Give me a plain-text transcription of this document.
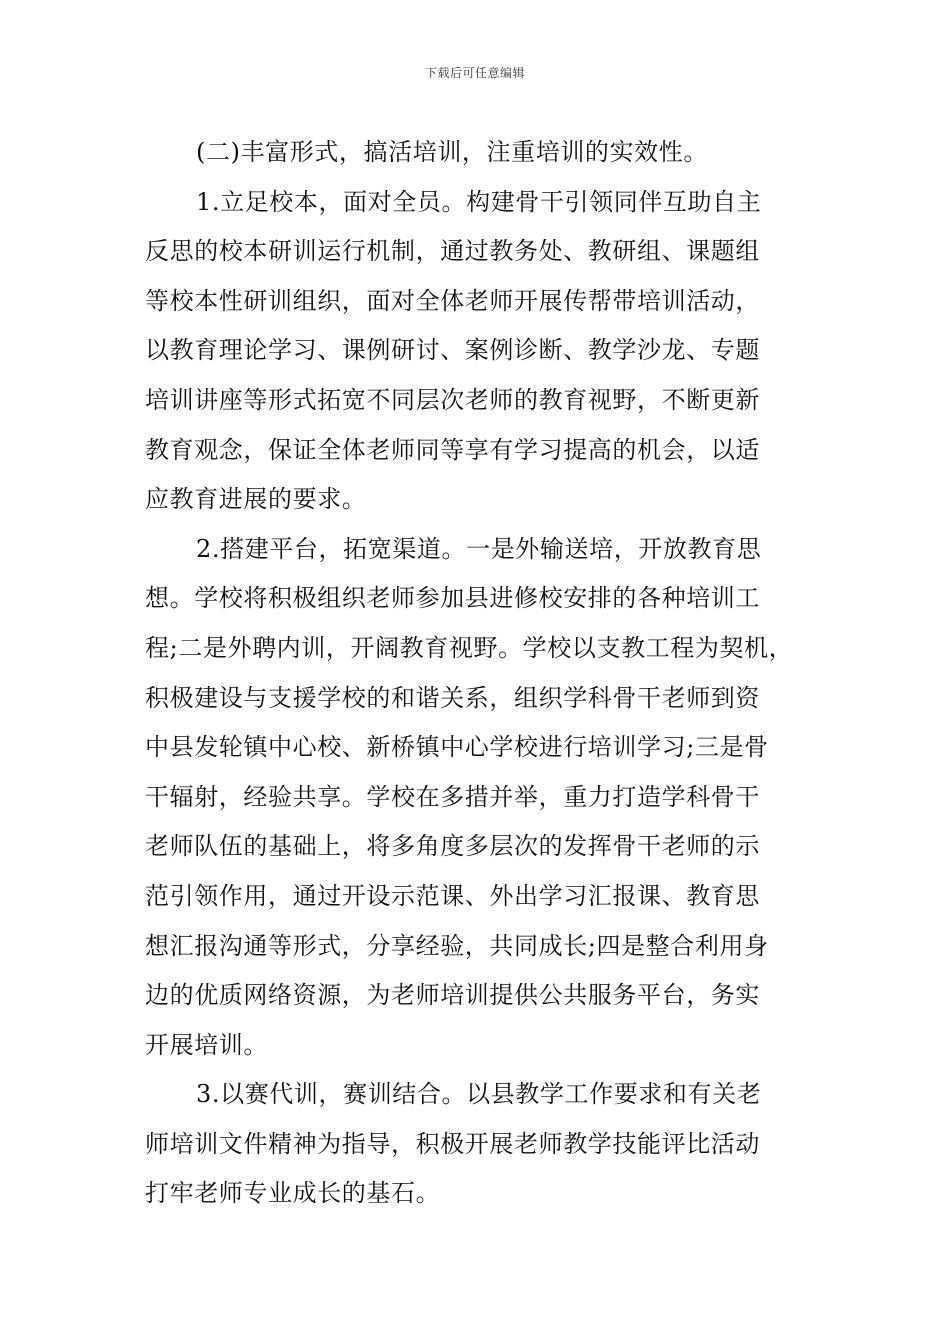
下载后可任意编辑
(二)丰富形式，搞活培训，注重培训的实效性。
1.立足校本，面对全员。构建骨干引领同伴互助自主
反思的校本研训运行机制，通过教务处、教研组、课题组
等校本性研训组织，面对全体老师开展传帮带培训活动，
以教育理论学习、课例研讨、案例诊断、教学沙龙、专题
培训讲座等形式拓宽不同层次老师的教育视野，不断更新
教育观念，保证全体老师同等享有学习提高的机会，以适
应教育进展的要求。
2.搭建平台，拓宽渠道。一是外输送培，开放教育思
想。学校将积极组织老师参加县进修校安排的各种培训工
程;二是外聘内训，开阔教育视野。学校以支教工程为契机，
积极建设与支援学校的和谐关系，组织学科骨干老师到资
中县发轮镇中心校、新桥镇中心学校进行培训学习;三是骨
干辐射，经验共享。学校在多措并举，重力打造学科骨干
老师队伍的基础上，将多角度多层次的发挥骨干老师的示
范引领作用，通过开设示范课、外出学习汇报课、教育思
想汇报沟通等形式，分享经验，共同成长;四是整合利用身
边的优质网络资源，为老师培训提供公共服务平台，务实
开展培训。
3.以赛代训，赛训结合。以县教学工作要求和有关老
师培训文件精神为指导，积极开展老师教学技能评比活动
打牢老师专业成长的基石。
